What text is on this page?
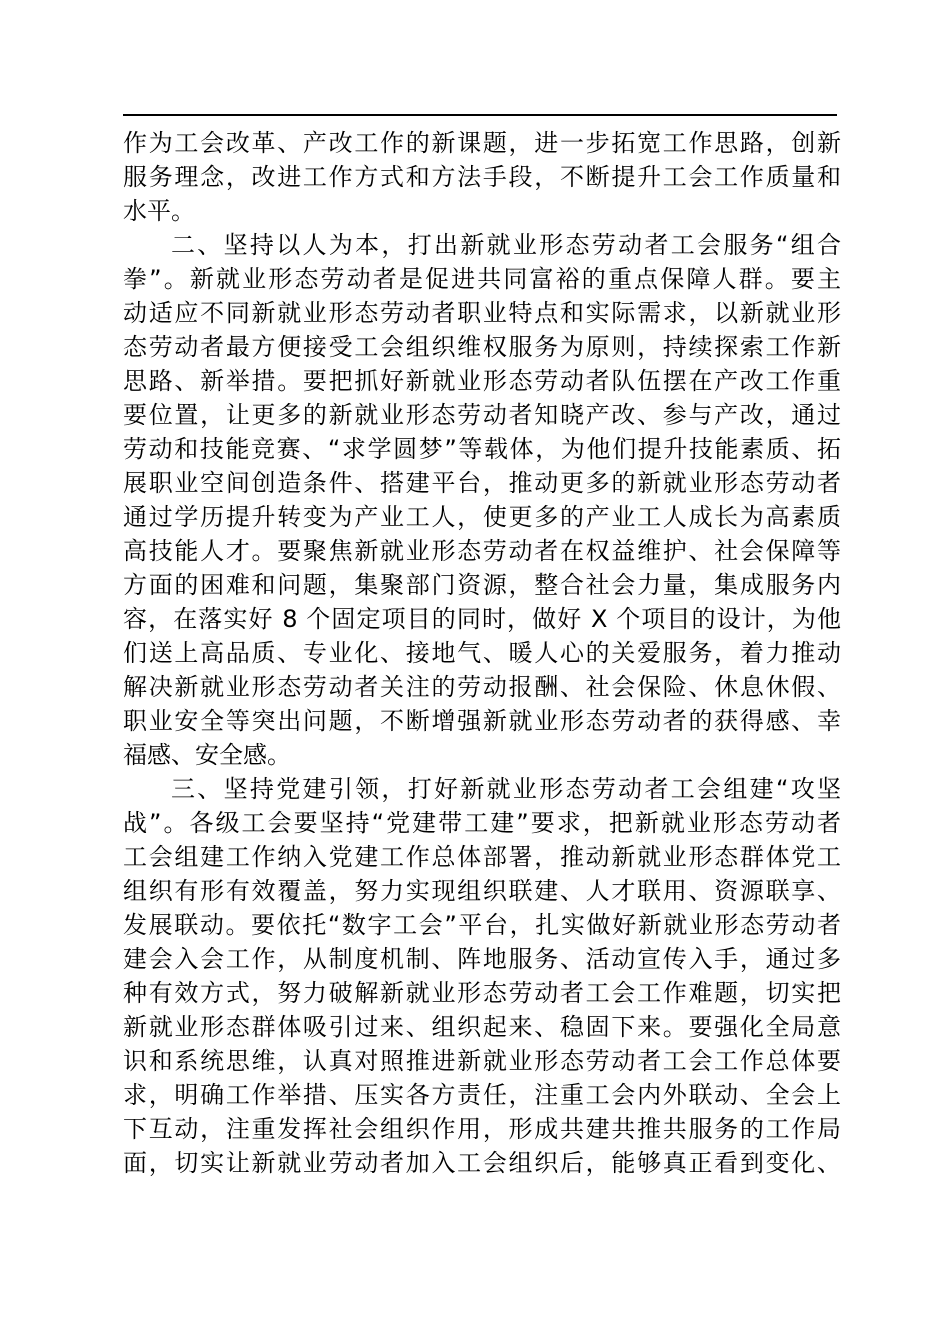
作为工会改革、产改工作的新课题，进一步拓宽工作思路，创新
服务理念，改进工作方式和方法手段，不断提升工会工作质量和
水平。
二、坚持以人为本，打出新就业形态劳动者工会服务“组合
拳”。新就业形态劳动者是促进共同富裕的重点保障人群。要主
动适应不同新就业形态劳动者职业特点和实际需求，以新就业形
态劳动者最方便接受工会组织维权服务为原则，持续探索工作新
思路、新举措。要把抓好新就业形态劳动者队伍摆在产改工作重
要位置，让更多的新就业形态劳动者知晓产改、参与产改，通过
劳动和技能竞赛、“求学圆梦”等载体，为他们提升技能素质、拓
展职业空间创造条件、搭建平台，推动更多的新就业形态劳动者
通过学历提升转变为产业工人，使更多的产业工人成长为高素质
高技能人才。要聚焦新就业形态劳动者在权益维护、社会保障等
方面的困难和问题，集聚部门资源，整合社会力量，集成服务内
容，在落实好 8 个固定项目的同时，做好 X 个项目的设计，为他
们送上高品质、专业化、接地气、暖人心的关爱服务，着力推动
解决新就业形态劳动者关注的劳动报酬、社会保险、休息休假、
职业安全等突出问题，不断增强新就业形态劳动者的获得感、幸
福感、安全感。
三、坚持党建引领，打好新就业形态劳动者工会组建“攻坚
战”。各级工会要坚持“党建带工建”要求，把新就业形态劳动者
工会组建工作纳入党建工作总体部署，推动新就业形态群体党工
组织有形有效覆盖，努力实现组织联建、人才联用、资源联享、
发展联动。要依托“数字工会”平台，扎实做好新就业形态劳动者
建会入会工作，从制度机制、阵地服务、活动宣传入手，通过多
种有效方式，努力破解新就业形态劳动者工会工作难题，切实把
新就业形态群体吸引过来、组织起来、稳固下来。要强化全局意
识和系统思维，认真对照推进新就业形态劳动者工会工作总体要
求，明确工作举措、压实各方责任，注重工会内外联动、全会上
下互动，注重发挥社会组织作用，形成共建共推共服务的工作局
面，切实让新就业劳动者加入工会组织后，能够真正看到变化、
